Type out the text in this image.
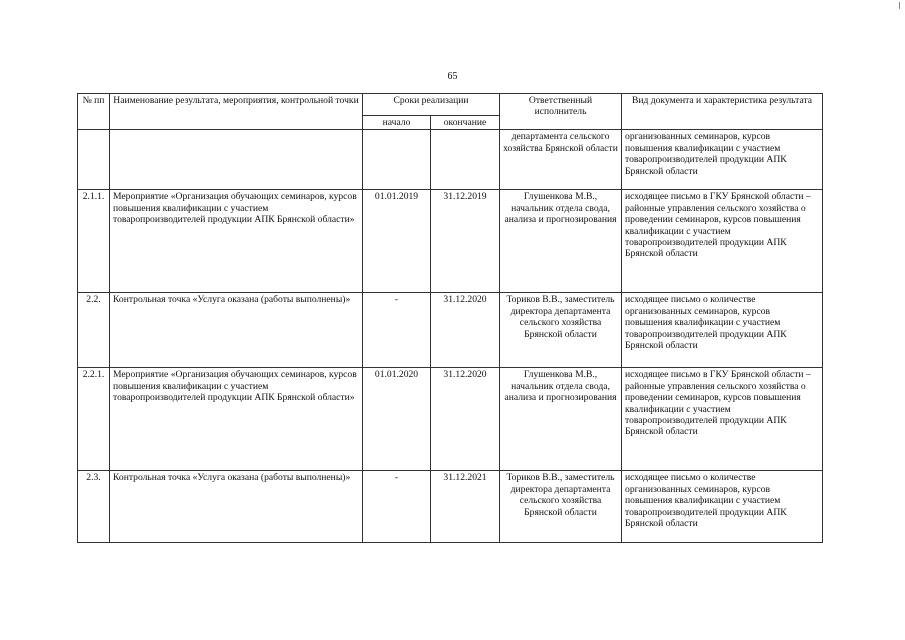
65
№ пп	Наименование результата, мероприятия, контрольной точки	Сроки реализации		Ответственный исполнитель	Вид документа и характеристика результата
		начало	окончание		
				департамента сельского хозяйства Брянской области	организованных семинаров, курсов повышения квалификации с участием товаропроизводителей продукции АПК Брянской области
2.1.1.	Мероприятие «Организация обучающих семинаров, курсов повышения квалификации с участием товаропроизводителей продукции АПК Брянской области»	01.01.2019	31.12.2019	Глушенкова М.В., начальник отдела свода, анализа и прогнозирования	исходящее письмо в ГКУ Брянской области – районные управления сельского хозяйства о проведении семинаров, курсов повышения квалификации с участием товаропроизводителей продукции АПК Брянской области
2.2.	Контрольная точка «Услуга оказана (работы выполнены)»	-	31.12.2020	Ториков В.В., заместитель директора департамента сельского хозяйства Брянской области	исходящее письмо о количестве организованных семинаров, курсов повышения квалификации с участием товаропроизводителей продукции АПК Брянской области
2.2.1.	Мероприятие «Организация обучающих семинаров, курсов повышения квалификации с участием товаропроизводителей продукции АПК Брянской области»	01.01.2020	31.12.2020	Глушенкова М.В., начальник отдела свода, анализа и прогнозирования	исходящее письмо в ГКУ Брянской области – районные управления сельского хозяйства о проведении семинаров, курсов повышения квалификации с участием товаропроизводителей продукции АПК Брянской области
2.3.	Контрольная точка «Услуга оказана (работы выполнены)»	-	31.12.2021	Ториков В.В., заместитель директора департамента сельского хозяйства Брянской области	исходящее письмо о количестве организованных семинаров, курсов повышения квалификации с участием товаропроизводителей продукции АПК Брянской области
